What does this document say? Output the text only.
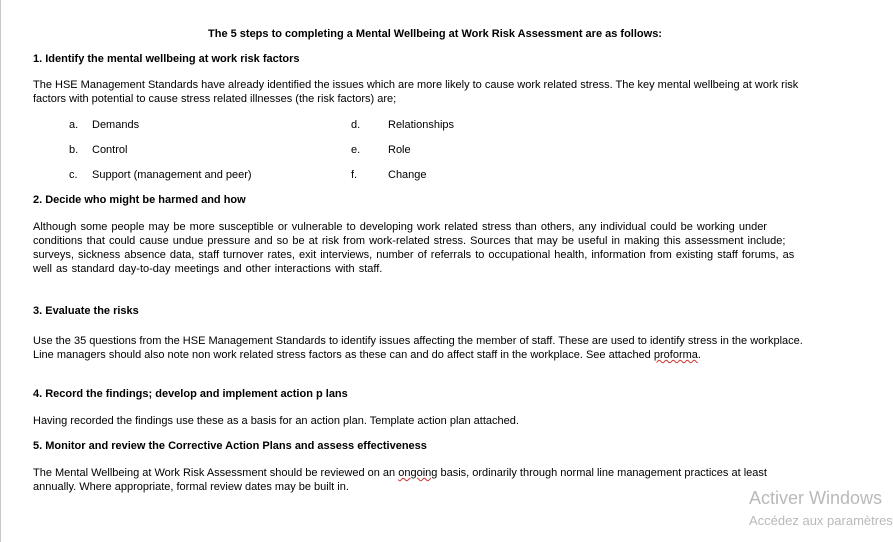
The 5 steps to completing a Mental Wellbeing at Work Risk Assessment are as follows:
1. Identify the mental wellbeing at work risk factors
The HSE Management Standards have already identified the issues which are more likely to cause work related stress. The key mental wellbeing at work risk factors with potential to cause stress related illnesses (the risk factors) are;
a. Demands
b. Control
c. Support (management and peer)
d.	Relationships
e.	Role
f.	Change
2. Decide who might be harmed and how
Although some people may be more susceptible or vulnerable to developing work related stress than others, any individual could be working under conditions that could cause undue pressure and so be at risk from work-related stress. Sources that may be useful in making this assessment include; surveys, sickness absence data, staff turnover rates, exit interviews, number of referrals to occupational health, information from existing staff forums, as well as standard day-to-day meetings and other interactions with staff.
3. Evaluate the risks
Use the 35 questions from the HSE Management Standards to identify issues affecting the member of staff. These are used to identify stress in the workplace. Line managers should also note non work related stress factors as these can and do affect staff in the workplace. See attached proforma.
4. Record the findings; develop and implement action p lans
Having recorded the findings use these as a basis for an action plan. Template action plan attached.
5. Monitor and review the Corrective Action Plans and assess effectiveness
The Mental Wellbeing at Work Risk Assessment should be reviewed on an ongoing basis, ordinarily through normal line management practices at least annually. Where appropriate, formal review dates may be built in.
Activer Windows
Accédez aux paramètres
